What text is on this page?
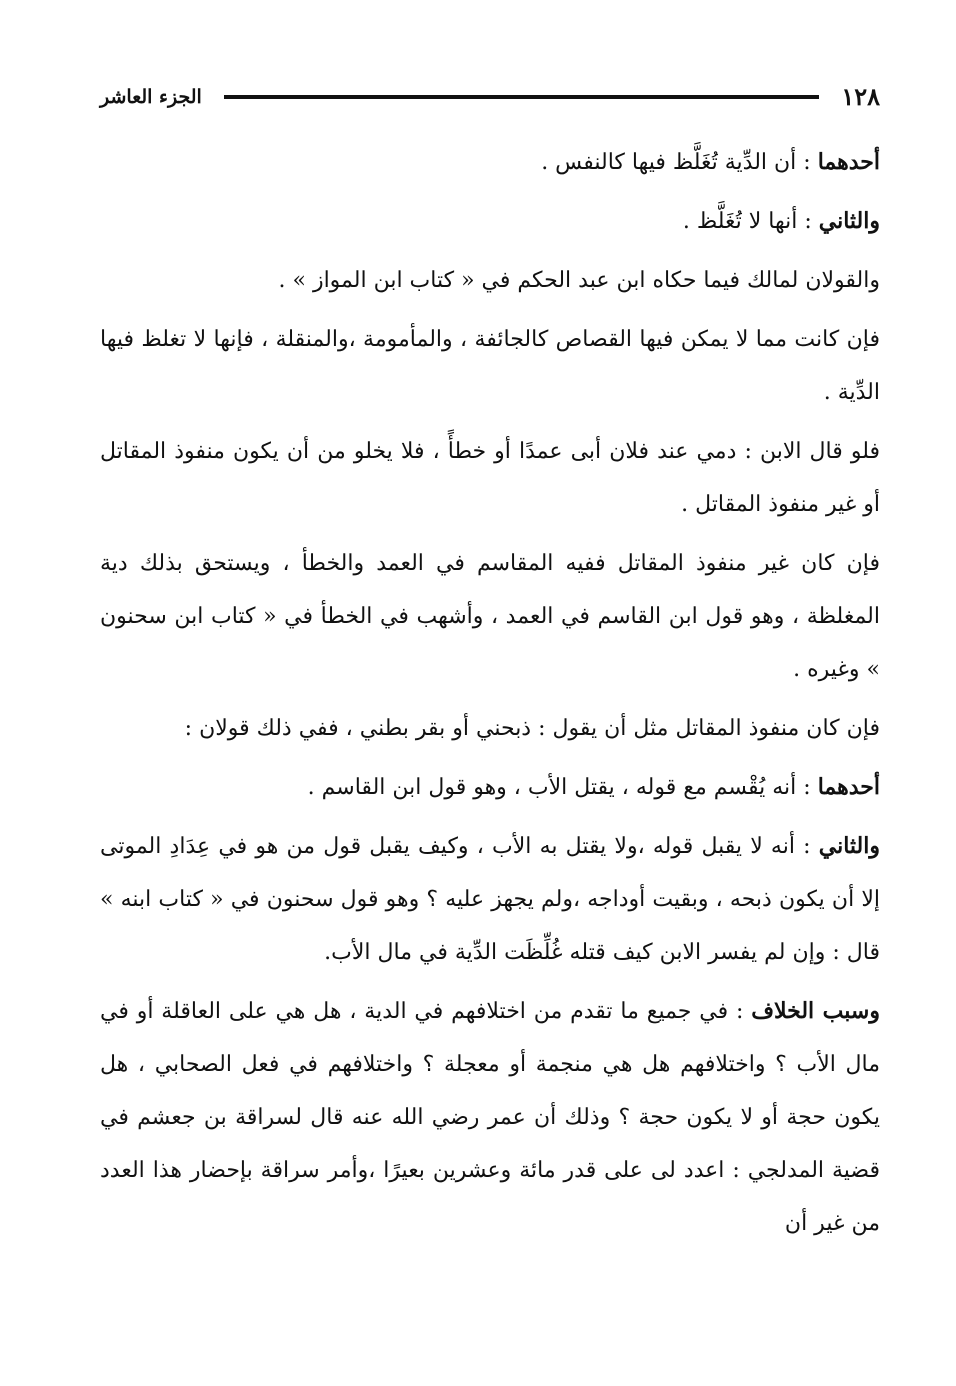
١٢٨
الجزء العاشر

أحدهما : أن الدِّية تُغَلَّظ فيها كالنفس .

والثاني : أنها لا تُغَلَّظ .

والقولان لمالك فيما حكاه ابن عبد الحكم في « كتاب ابن المواز » .

فإن كانت مما لا يمكن فيها القصاص كالجائفة ، والمأمومة ،والمنقلة ، فإنها لا تغلظ فيها الدِّية .

فلو قال الابن : دمي عند فلان أبى عمدًا أو خطأً ، فلا يخلو من أن يكون منفوذ المقاتل أو غير منفوذ المقاتل .

فإن كان غير منفوذ المقاتل ففيه المقاسم في العمد والخطأ ، ويستحق بذلك دية المغلظة ، وهو قول ابن القاسم في العمد ، وأشهب في الخطأ في « كتاب ابن سحنون » وغيره .

فإن كان منفوذ المقاتل مثل أن يقول : ذبحني أو بقر بطني ، ففي ذلك قولان :

أحدهما : أنه يُقْسم مع قوله ، يقتل الأب ، وهو قول ابن القاسم .

والثاني : أنه لا يقبل قوله ،ولا يقتل به الأب ، وكيف يقبل قول من هو في عِدَادِ الموتى إلا أن يكون ذبحه ، وبقيت أوداجه ،ولم يجهز عليه ؟ وهو قول سحنون في « كتاب ابنه » قال : وإن لم يفسر الابن كيف قتله غُلِّظَت الدِّية في مال الأب.

وسبب الخلاف : في جميع ما تقدم من اختلافهم في الدية ، هل هي على العاقلة أو في مال الأب ؟ واختلافهم هل هي منجمة أو معجلة ؟ واختلافهم في فعل الصحابي ، هل يكون حجة أو لا يكون حجة ؟ وذلك أن عمر رضي الله عنه قال لسراقة بن جعشم في قضية المدلجي : اعدد لى على قدر مائة وعشرين بعيرًا ،وأمر سراقة بإحضار هذا العدد من غير أن
